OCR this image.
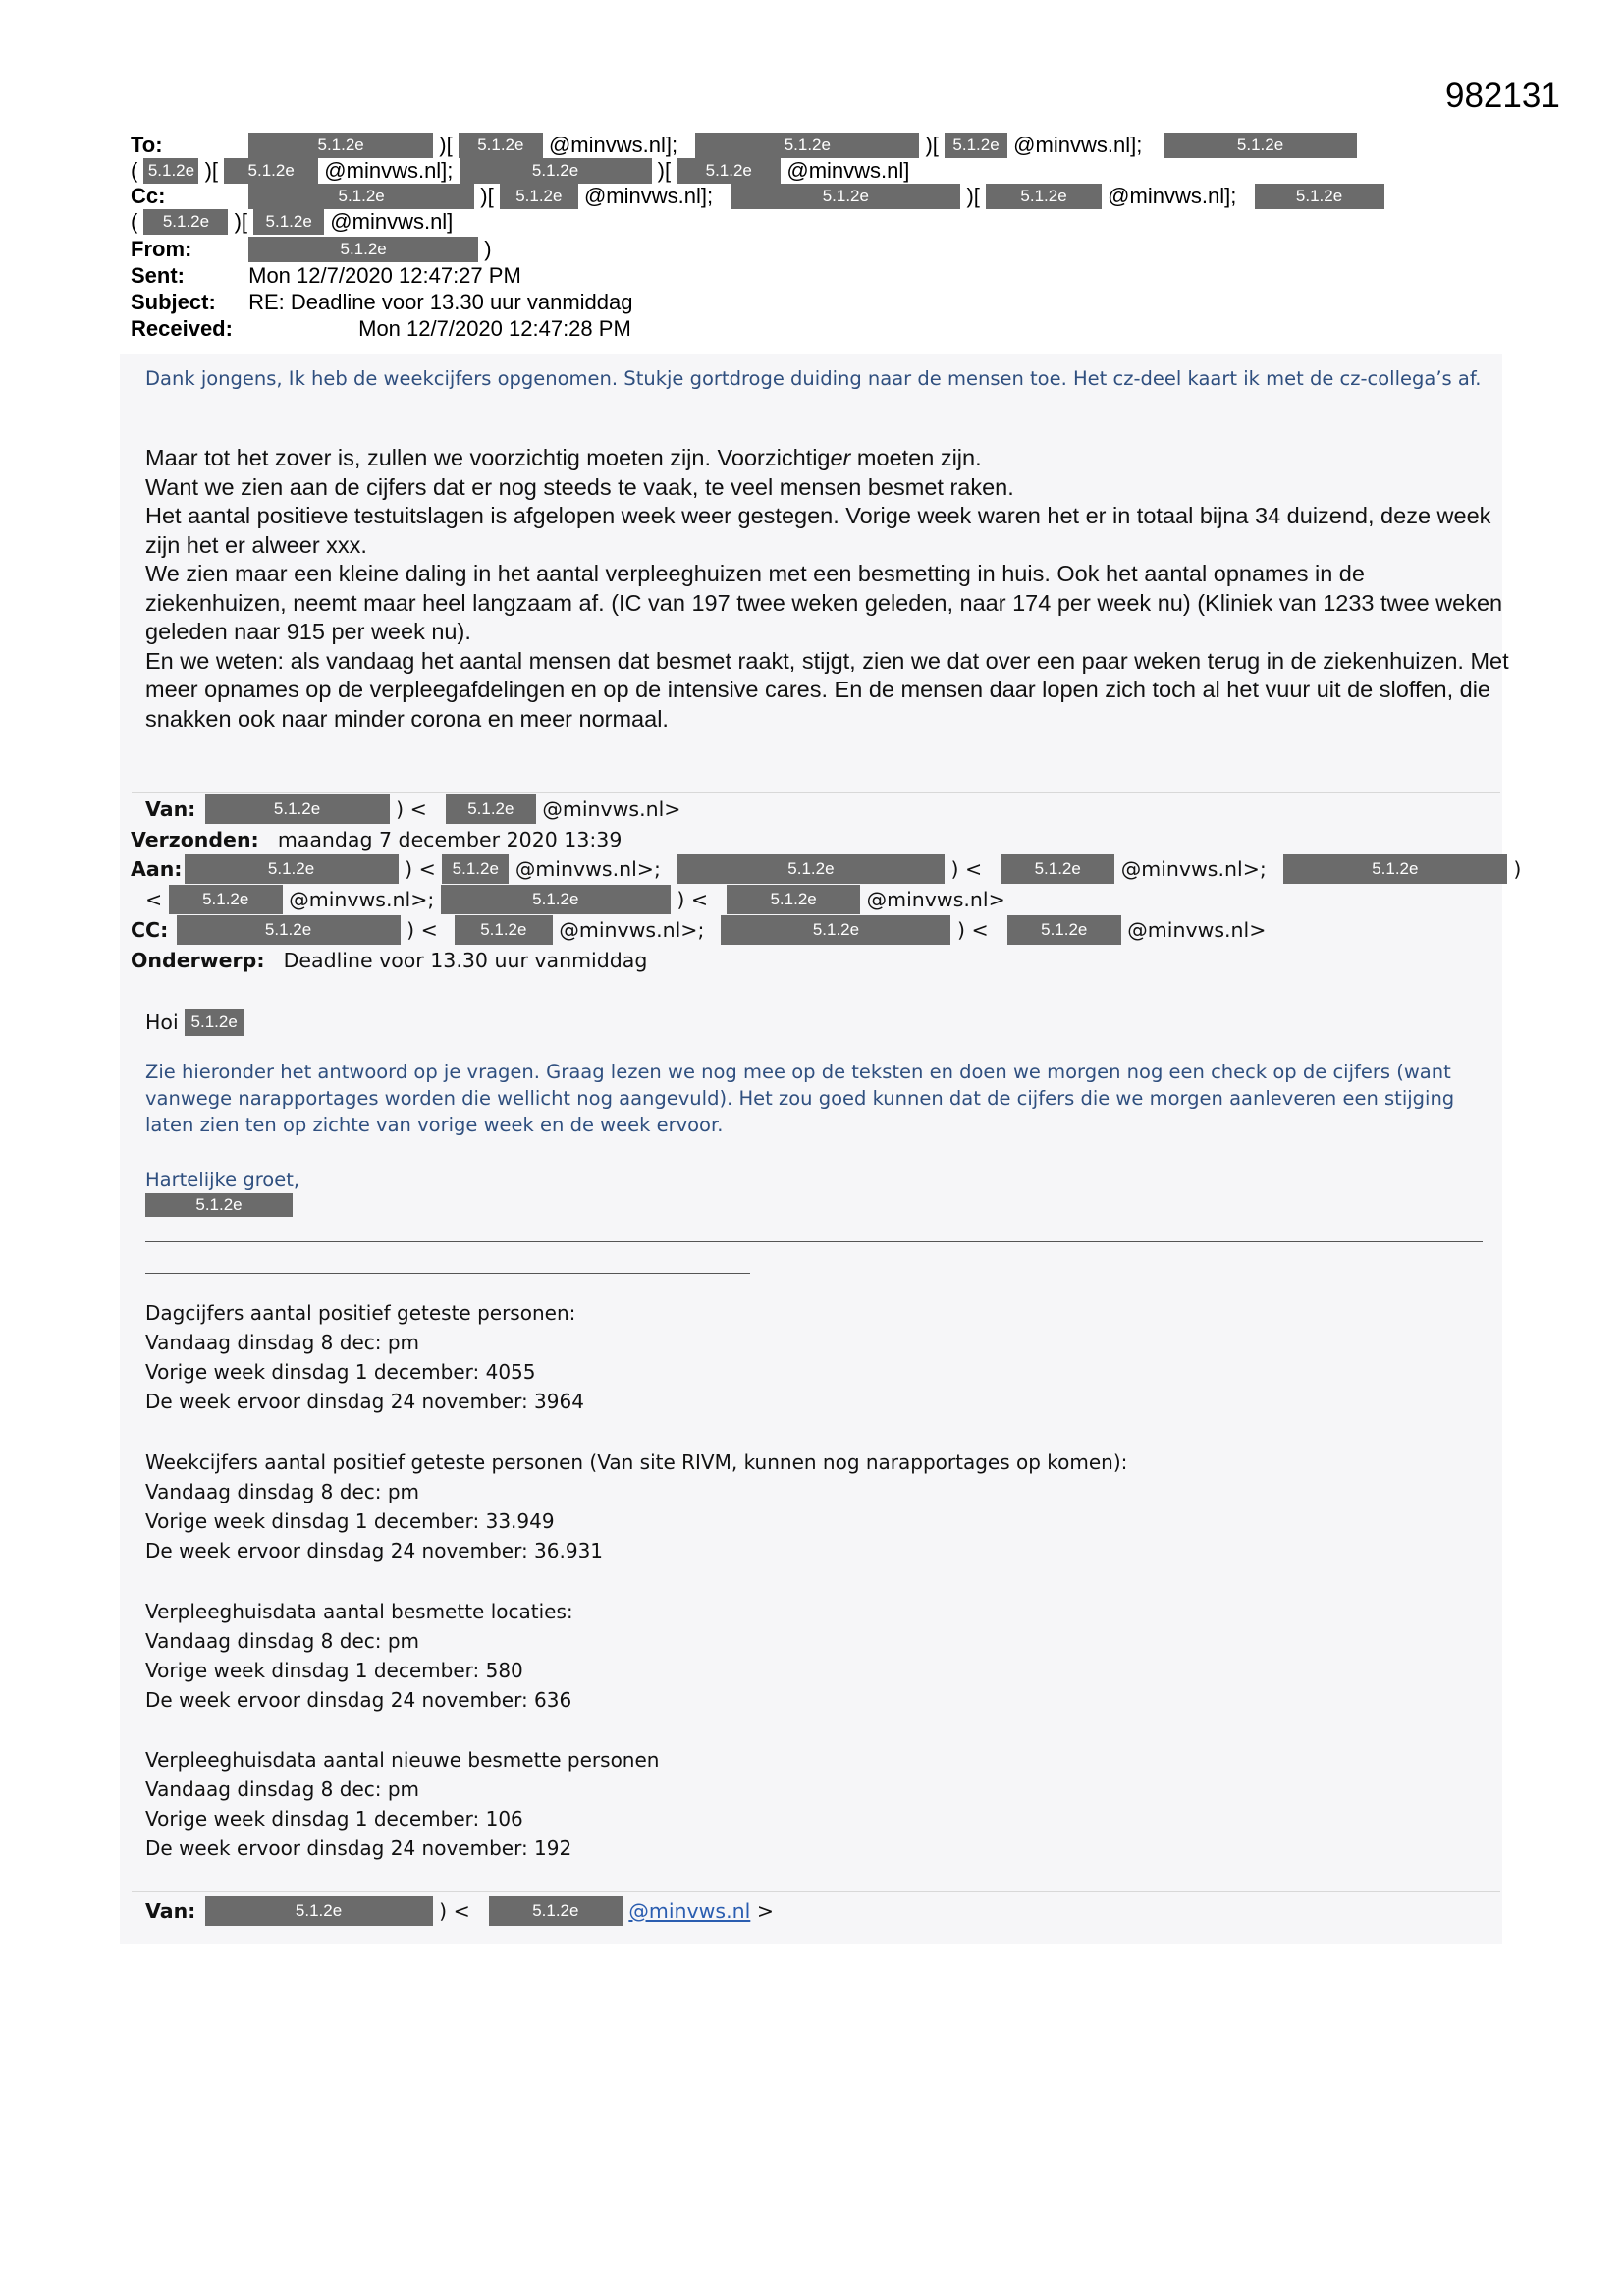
982131
To:	5.1.2e	)[ 5.1.2e @minvws.nl];	5.1.2e	)[ 5.1.2e @minvws.nl];	5.1.2e
( 5.1.2e )[ 5.1.2e @minvws.nl];	5.1.2e	)[ 5.1.2e @minvws.nl]
Cc:	5.1.2e	)[ 5.1.2e @minvws.nl];	5.1.2e	)[ 5.1.2e @minvws.nl];	5.1.2e
( 5.1.2e )[ 5.1.2e @minvws.nl]
From:	5.1.2e	)
Sent:	Mon 12/7/2020 12:47:27 PM
Subject: RE: Deadline voor 13.30 uur vanmiddag
Received:	Mon 12/7/2020 12:47:28 PM
Dank jongens, Ik heb de weekcijfers opgenomen. Stukje gortdroge duiding naar de mensen toe. Het cz-deel kaart ik met de cz-collega’s af.
Maar tot het zover is, zullen we voorzichtig moeten zijn. Voorzichtiger moeten zijn.
Want we zien aan de cijfers dat er nog steeds te vaak, te veel mensen besmet raken.
Het aantal positieve testuitslagen is afgelopen week weer gestegen. Vorige week waren het er in totaal bijna 34 duizend, deze week zijn het er alweer xxx.
We zien maar een kleine daling in het aantal verpleeghuizen met een besmetting in huis. Ook het aantal opnames in de ziekenhuizen, neemt maar heel langzaam af. (IC van 197 twee weken geleden, naar 174 per week nu) (Kliniek van 1233 twee weken geleden naar 915 per week nu).
En we weten: als vandaag het aantal mensen dat besmet raakt, stijgt, zien we dat over een paar weken terug in de ziekenhuizen. Met meer opnames op de verpleegafdelingen en op de intensive cares. En de mensen daar lopen zich toch al het vuur uit de sloffen, die snakken ook naar minder corona en meer normaal.
Van:	5.1.2e	) < 5.1.2e @minvws.nl>
Verzonden: maandag 7 december 2020 13:39
Aan:	5.1.2e	) < 5.1.2e @minvws.nl>;	5.1.2e	) <	5.1.2e @minvws.nl>;	5.1.2e	)
< 5.1.2e @minvws.nl>;	5.1.2e	) <	5.1.2e @minvws.nl>
CC:	5.1.2e	) <	5.1.2e @minvws.nl>;	5.1.2e	) <	5.1.2e @minvws.nl>
Onderwerp: Deadline voor 13.30 uur vanmiddag
Hoi 5.1.2e
Zie hieronder het antwoord op je vragen. Graag lezen we nog mee op de teksten en doen we morgen nog een check op de cijfers (want vanwege narapportages worden die wellicht nog aangevuld). Het zou goed kunnen dat de cijfers die we morgen aanleveren een stijging laten zien ten op zichte van vorige week en de week ervoor.
Hartelijke groet,
5.1.2e
Dagcijfers aantal positief geteste personen:
Vandaag dinsdag 8 dec: pm
Vorige week dinsdag 1 december: 4055
De week ervoor dinsdag 24 november: 3964
Weekcijfers aantal positief geteste personen (Van site RIVM, kunnen nog narapportages op komen):
Vandaag dinsdag 8 dec: pm
Vorige week dinsdag 1 december: 33.949
De week ervoor dinsdag 24 november: 36.931
Verpleeghuisdata aantal besmette locaties:
Vandaag dinsdag 8 dec: pm
Vorige week dinsdag 1 december: 580
De week ervoor dinsdag 24 november: 636
Verpleeghuisdata aantal nieuwe besmette personen
Vandaag dinsdag 8 dec: pm
Vorige week dinsdag 1 december: 106
De week ervoor dinsdag 24 november: 192
Van:	5.1.2e	) <	5.1.2e @minvws.nl >
